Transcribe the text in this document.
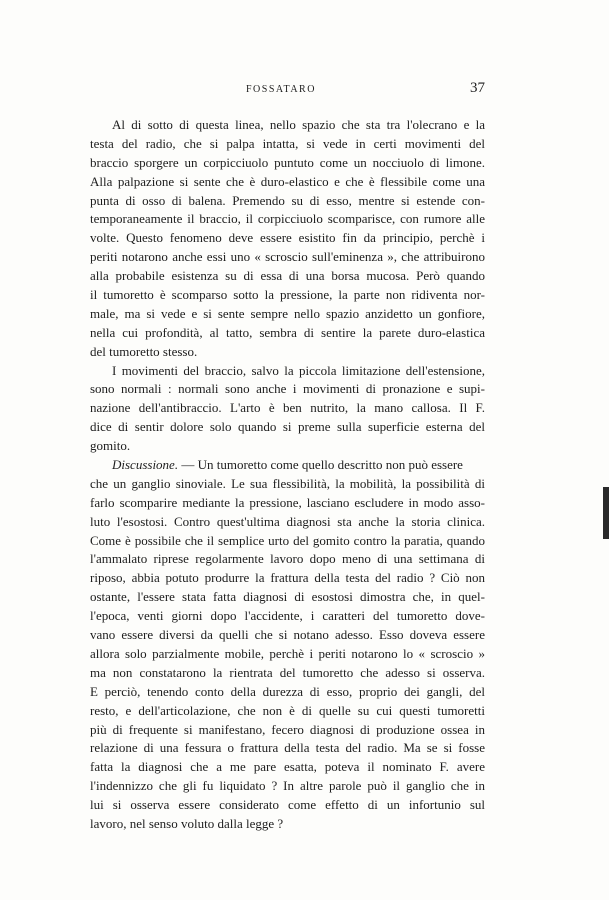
FOSSATARO	37
Al di sotto di questa linea, nello spazio che sta tra l'olecrano e la
testa del radio, che si palpa intatta, si vede in certi movimenti del
braccio sporgere un corpicciuolo puntuto come un nocciuolo di limone.
Alla palpazione si sente che è duro-elastico e che è flessibile come una
punta di osso di balena. Premendo su di esso, mentre si estende con-
temporaneamente il braccio, il corpicciuolo scomparisce, con rumore alle
volte. Questo fenomeno deve essere esistito fin da principio, perchè i
periti notarono anche essi uno « scroscio sull'eminenza », che attribuirono
alla probabile esistenza su di essa di una borsa mucosa. Però quando
il tumoretto è scomparso sotto la pressione, la parte non ridiventa nor-
male, ma si vede e si sente sempre nello spazio anzidetto un gonfiore,
nella cui profondità, al tatto, sembra di sentire la parete duro-elastica
del tumoretto stesso.
I movimenti del braccio, salvo la piccola limitazione dell'estensione,
sono normali : normali sono anche i movimenti di pronazione e supi-
nazione dell'antibraccio. L'arto è ben nutrito, la mano callosa. Il F.
dice di sentir dolore solo quando si preme sulla superficie esterna del
gomito.
Discussione. — Un tumoretto come quello descritto non può essere
che un ganglio sinoviale. Le sua flessibilità, la mobilità, la possibilità di
farlo scomparire mediante la pressione, lasciano escludere in modo asso-
luto l'esostosi. Contro quest'ultima diagnosi sta anche la storia clinica.
Come è possibile che il semplice urto del gomito contro la paratia, quando
l'ammalato riprese regolarmente lavoro dopo meno di una settimana di
riposo, abbia potuto produrre la frattura della testa del radio ? Ciò non
ostante, l'essere stata fatta diagnosi di esostosi dimostra che, in quel-
l'epoca, venti giorni dopo l'accidente, i caratteri del tumoretto dove-
vano essere diversi da quelli che si notano adesso. Esso doveva essere
allora solo parzialmente mobile, perchè i periti notarono lo « scroscio »
ma non constatarono la rientrata del tumoretto che adesso si osserva.
E perciò, tenendo conto della durezza di esso, proprio dei gangli, del
resto, e dell'articolazione, che non è di quelle su cui questi tumoretti
più di frequente si manifestano, fecero diagnosi di produzione ossea in
relazione di una fessura o frattura della testa del radio. Ma se si fosse
fatta la diagnosi che a me pare esatta, poteva il nominato F. avere
l'indennizzo che gli fu liquidato ? In altre parole può il ganglio che in
lui si osserva essere considerato come effetto di un infortunio sul
lavoro, nel senso voluto dalla legge ?
